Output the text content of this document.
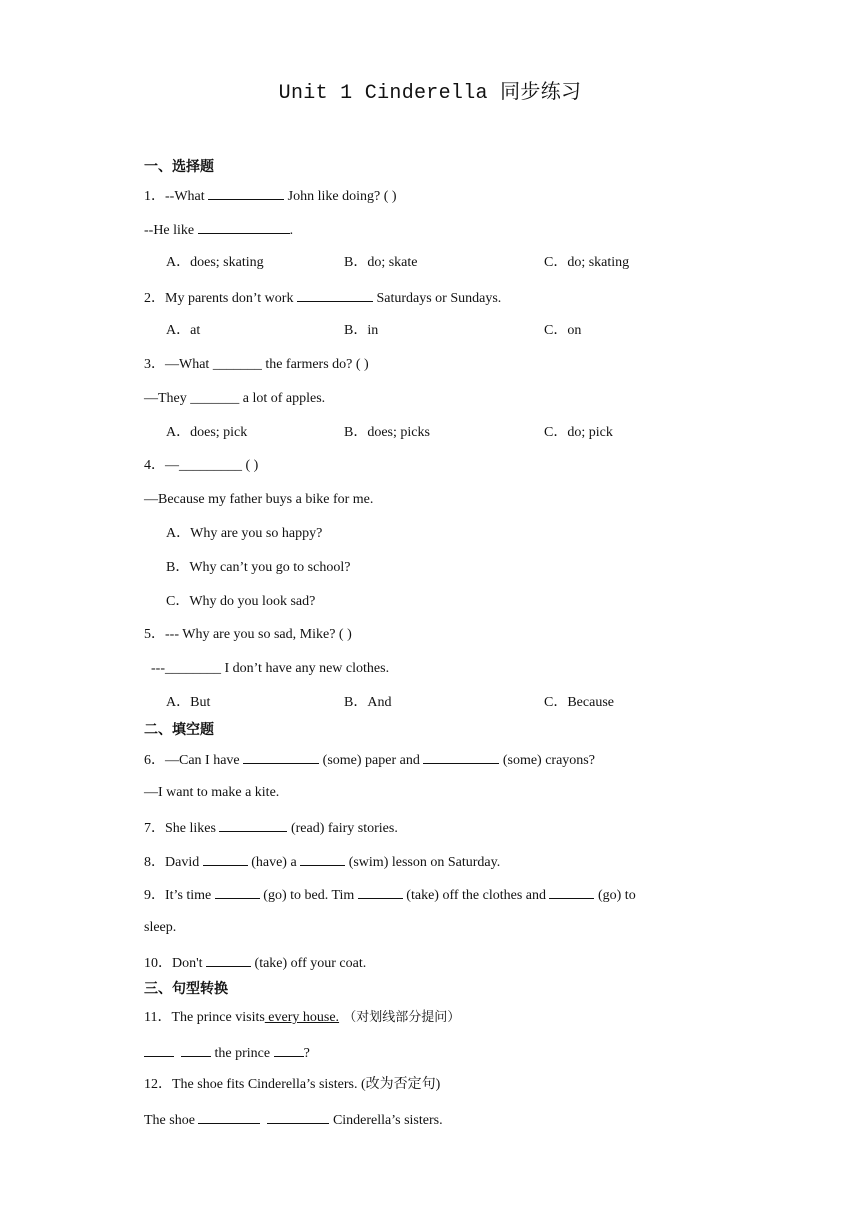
Unit 1 Cinderella 同步练习
一、选择题
1．--What	John like doing? ( )
--He like	.
A．does; skating	B．do; skate	C．do; skating
2．My parents don’t work	Saturdays or Sundays.
A．at	B．in	C．on
3．—What _______ the farmers do? ( )
—They _______ a lot of apples.
A．does; pick	B．does; picks	C．do; pick
4．—_________ ( )
—Because my father buys a bike for me.
A．Why are you so happy?
B．Why can’t you go to school?
C．Why do you look sad?
5．--- Why are you so sad, Mike? ( )
---________ I don’t have any new clothes.
A．But	B．And	C．Because
二、填空题
6．—Can I have	(some) paper and	(some) crayons?
—I want to make a kite.
7．She likes	(read) fairy stories.
8．David	(have) a	(swim) lesson on Saturday.
9．It’s time	(go) to bed. Tim	(take) off the clothes and	(go) to
sleep.
10．Don't	(take) off your coat.
三、句型转换
11．The prince visits every house. （对划线部分提问）
the prince ?
12．The shoe fits Cinderella’s sisters. (改为否定句)
The shoe	Cinderella’s sisters.
